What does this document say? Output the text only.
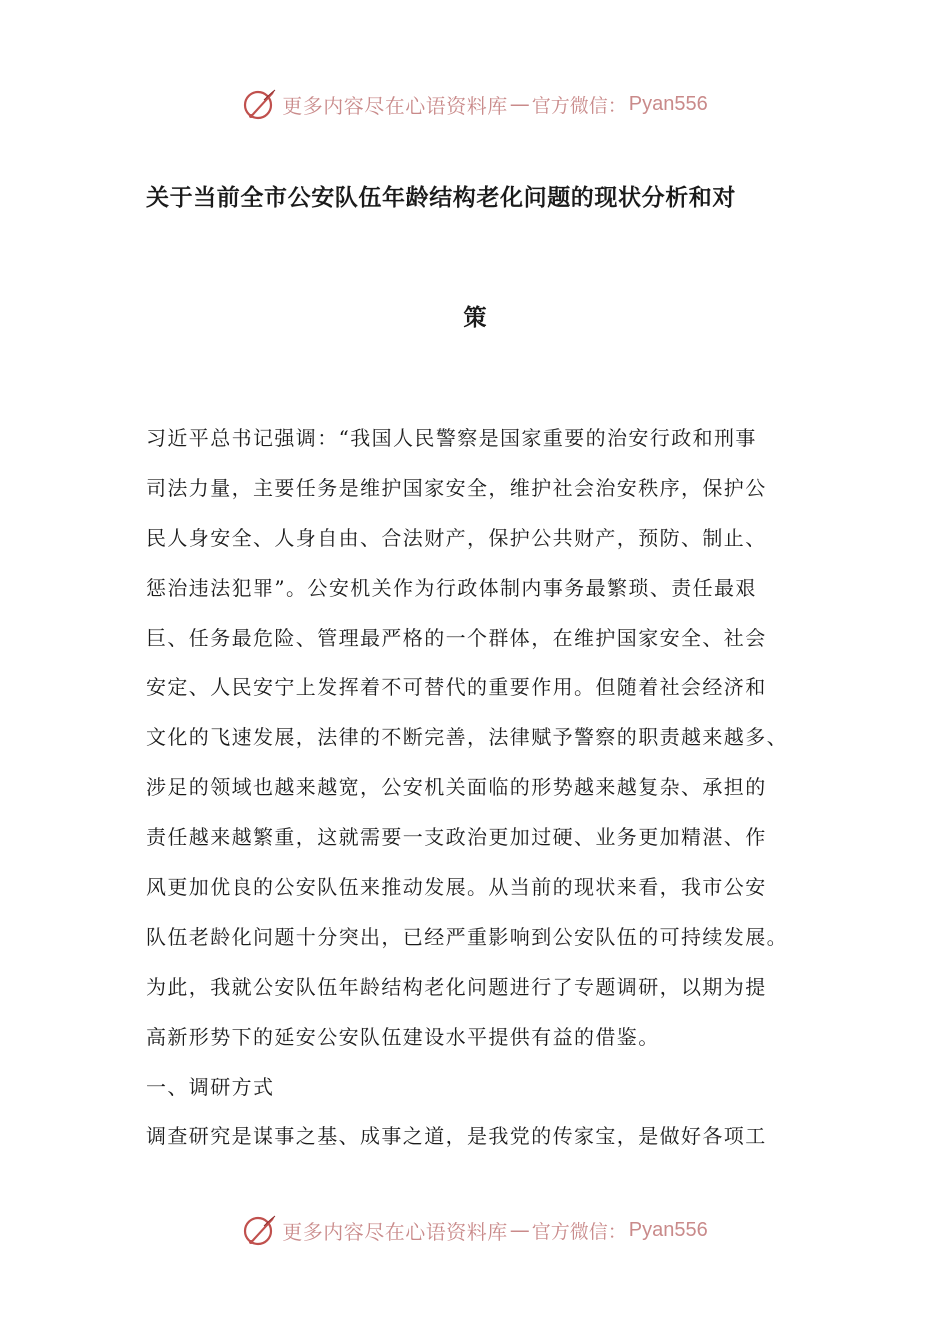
更多内容尽在心语资料库 — 官方微信： Pyan556
关于当前全市公安队伍年龄结构老化问题的现状分析和对
策
习近平总书记强调：“我国人民警察是国家重要的治安行政和刑事
司法力量，主要任务是维护国家安全，维护社会治安秩序，保护公
民人身安全、人身自由、合法财产，保护公共财产，预防、制止、
惩治违法犯罪”。公安机关作为行政体制内事务最繁琐、责任最艰
巨、任务最危险、管理最严格的一个群体，在维护国家安全、社会
安定、人民安宁上发挥着不可替代的重要作用。但随着社会经济和
文化的飞速发展，法律的不断完善，法律赋予警察的职责越来越多、
涉足的领域也越来越宽，公安机关面临的形势越来越复杂、承担的
责任越来越繁重，这就需要一支政治更加过硬、业务更加精湛、作
风更加优良的公安队伍来推动发展。从当前的现状来看，我市公安
队伍老龄化问题十分突出，已经严重影响到公安队伍的可持续发展。
为此，我就公安队伍年龄结构老化问题进行了专题调研，以期为提
高新形势下的延安公安队伍建设水平提供有益的借鉴。
一、调研方式
调查研究是谋事之基、成事之道，是我党的传家宝，是做好各项工
更多内容尽在心语资料库 — 官方微信： Pyan556
